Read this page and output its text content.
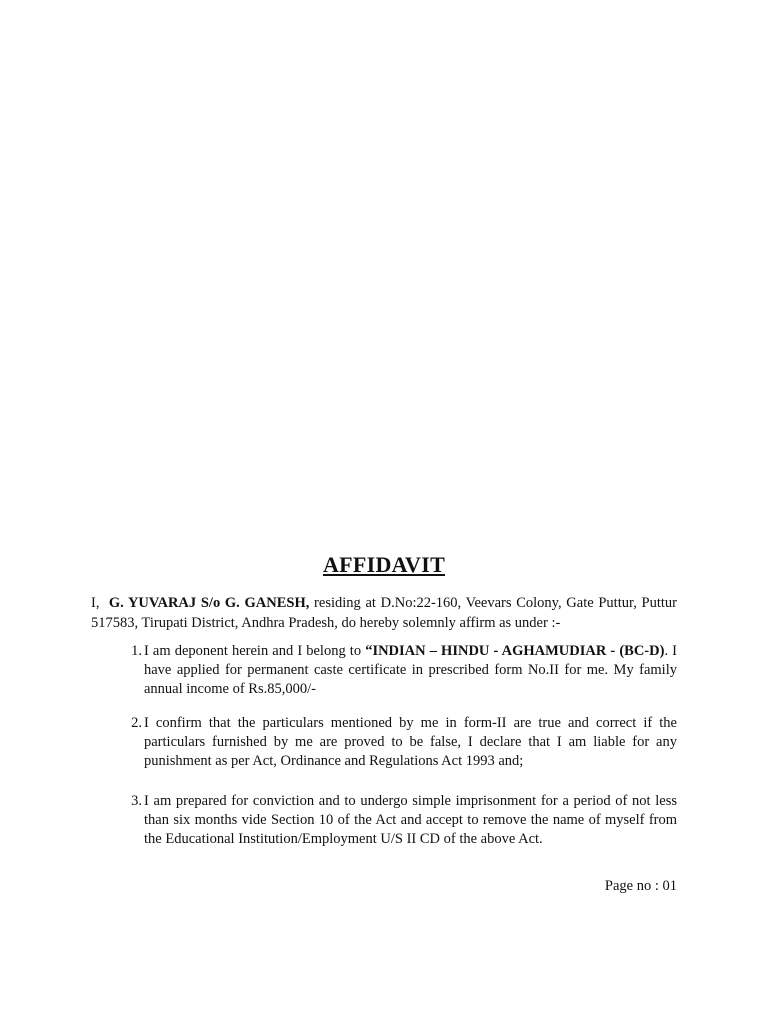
AFFIDAVIT
I, G. YUVARAJ S/o G. GANESH, residing at D.No:22-160, Veevars Colony, Gate Puttur, Puttur 517583, Tirupati District, Andhra Pradesh, do hereby solemnly affirm as under :-
1. I am deponent herein and I belong to “INDIAN – HINDU - AGHAMUDIAR - (BC-D). I have applied for permanent caste certificate in prescribed form No.II for me. My family annual income of Rs.85,000/-

2. I confirm that the particulars mentioned by me in form-II are true and correct if the particulars furnished by me are proved to be false, I declare that I am liable for any punishment as per Act, Ordinance and Regulations Act 1993 and;

3. I am prepared for conviction and to undergo simple imprisonment for a period of not less than six months vide Section 10 of the Act and accept to remove the name of myself from the Educational Institution/Employment U/S II CD of the above Act.

Page no : 01
